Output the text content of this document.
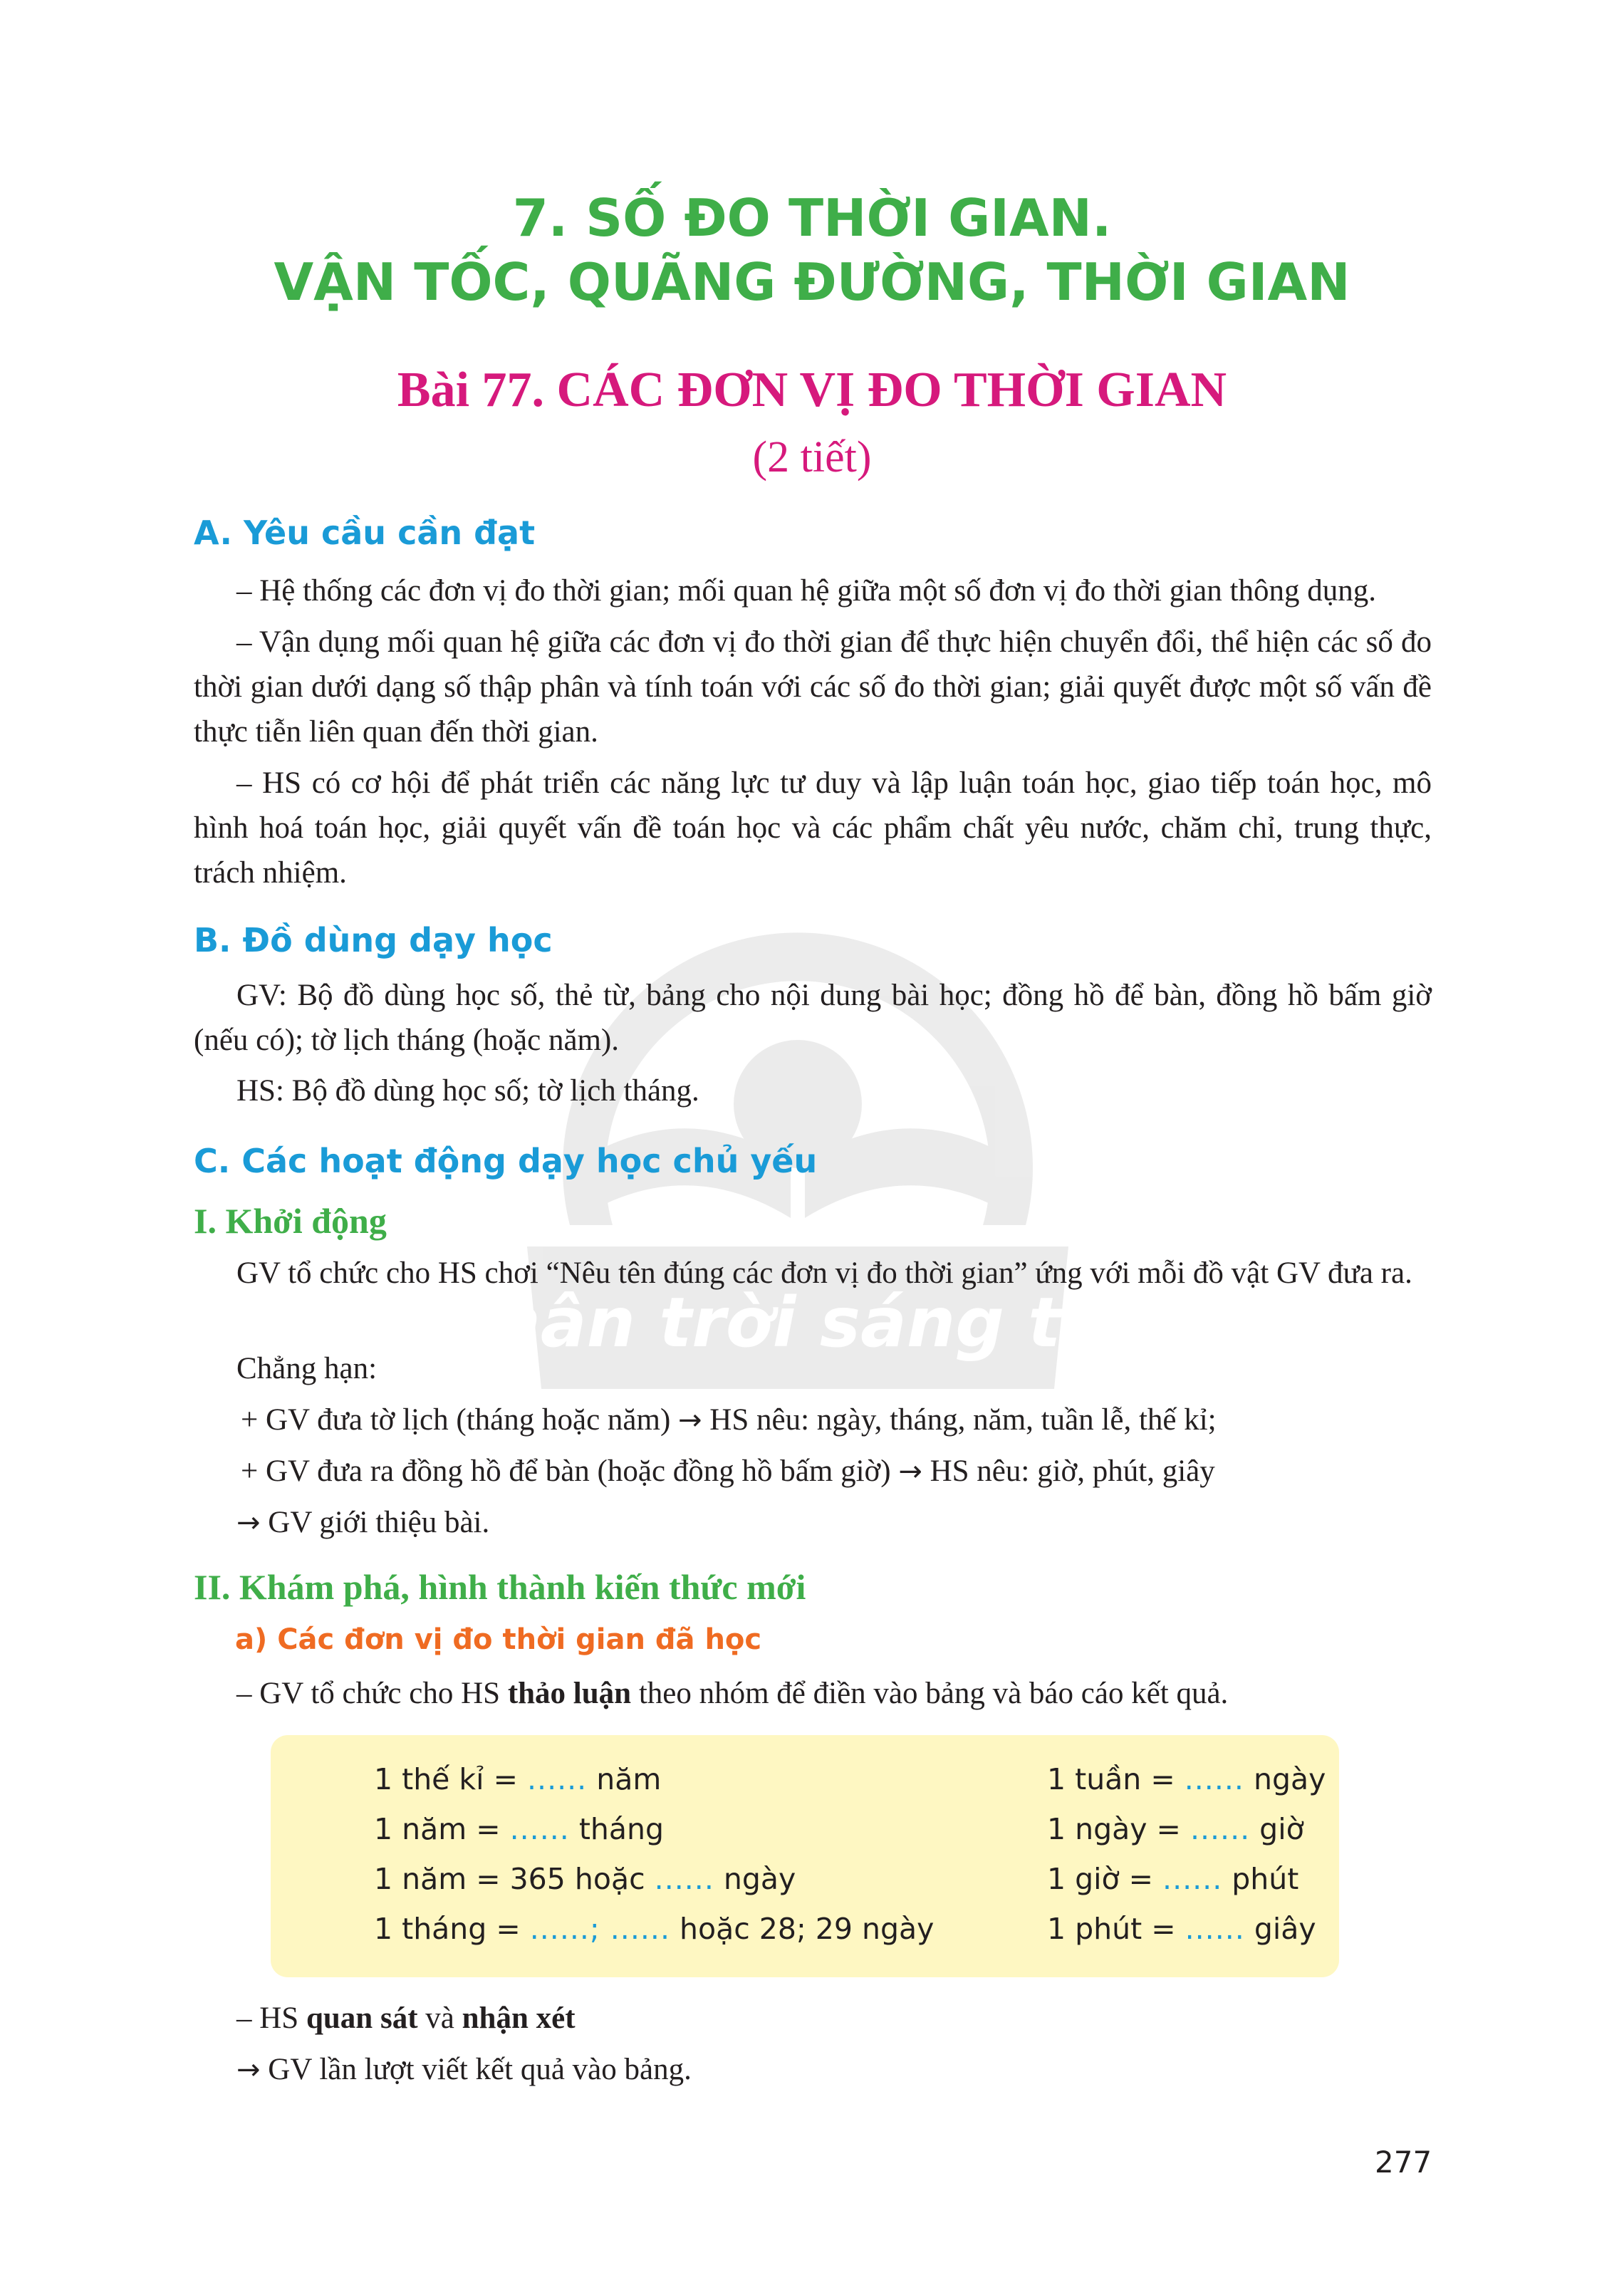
Chân trời sáng tạo
7. SỐ ĐO THỜI GIAN.
VẬN TỐC, QUÃNG ĐƯỜNG, THỜI GIAN
Bài 77. CÁC ĐƠN VỊ ĐO THỜI GIAN
(2 tiết)
A. Yêu cầu cần đạt
– Hệ thống các đơn vị đo thời gian; mối quan hệ giữa một số đơn vị đo thời gian thông dụng.
– Vận dụng mối quan hệ giữa các đơn vị đo thời gian để thực hiện chuyển đổi, thể hiện các số đo thời gian dưới dạng số thập phân và tính toán với các số đo thời gian; giải quyết được một số vấn đề thực tiễn liên quan đến thời gian.
– HS có cơ hội để phát triển các năng lực tư duy và lập luận toán học, giao tiếp toán học, mô hình hoá toán học, giải quyết vấn đề toán học và các phẩm chất yêu nước, chăm chỉ, trung thực, trách nhiệm.
B. Đồ dùng dạy học
GV: Bộ đồ dùng học số, thẻ từ, bảng cho nội dung bài học; đồng hồ để bàn, đồng hồ bấm giờ (nếu có); tờ lịch tháng (hoặc năm).
HS: Bộ đồ dùng học số; tờ lịch tháng.
C. Các hoạt động dạy học chủ yếu
I. Khởi động
GV tổ chức cho HS chơi “Nêu tên đúng các đơn vị đo thời gian” ứng với mỗi đồ vật GV đưa ra.
Chẳng hạn:
+ GV đưa tờ lịch (tháng hoặc năm) → HS nêu: ngày, tháng, năm, tuần lễ, thế kỉ;
+ GV đưa ra đồng hồ để bàn (hoặc đồng hồ bấm giờ) → HS nêu: giờ, phút, giây
→ GV giới thiệu bài.
II. Khám phá, hình thành kiến thức mới
a) Các đơn vị đo thời gian đã học
– GV tổ chức cho HS thảo luận theo nhóm để điền vào bảng và báo cáo kết quả.
1 thế kỉ = ...... năm
1 năm = ...... tháng
1 năm = 365 hoặc ...... ngày
1 tháng = ......; ...... hoặc 28; 29 ngày
1 tuần = ...... ngày
1 ngày = ...... giờ
1 giờ = ...... phút
1 phút = ...... giây
– HS quan sát và nhận xét
→ GV lần lượt viết kết quả vào bảng.
277
